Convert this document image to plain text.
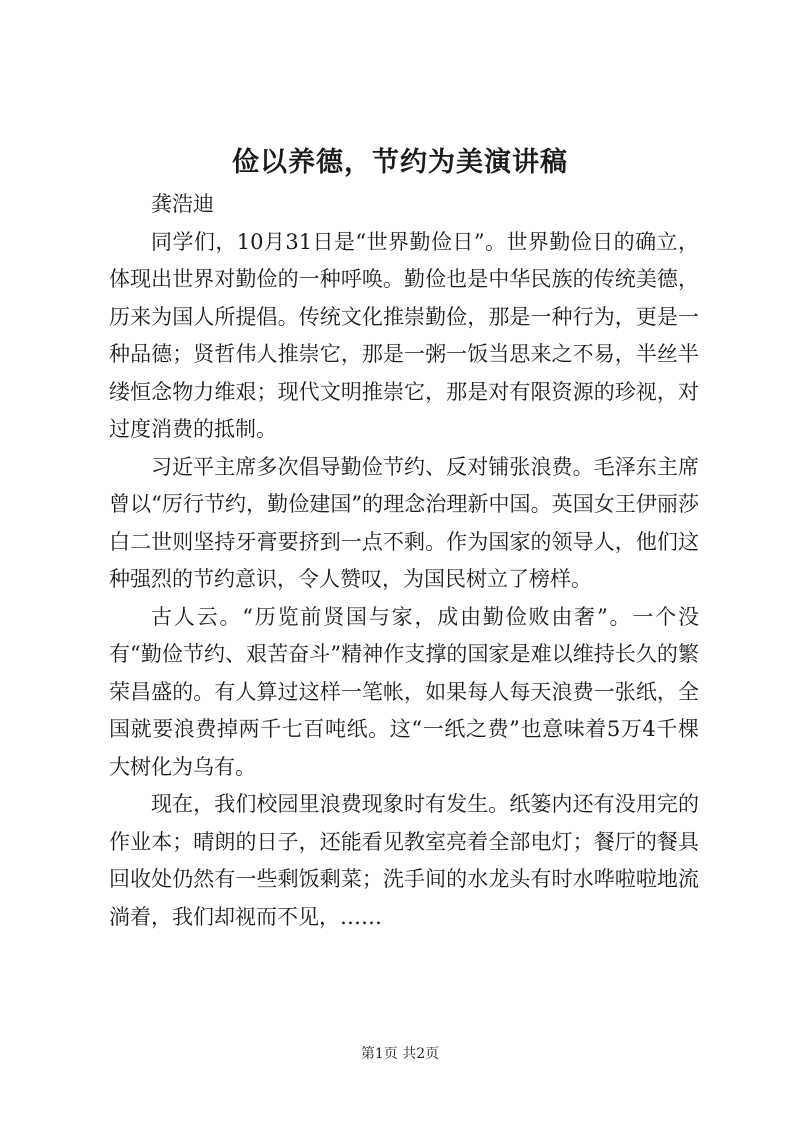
俭以养德，节约为美演讲稿

龚浩迪

同学们，10月31日是“世界勤俭日”。世界勤俭日的确立，体现出世界对勤俭的一种呼唤。勤俭也是中华民族的传统美德，历来为国人所提倡。传统文化推崇勤俭，那是一种行为，更是一种品德；贤哲伟人推崇它，那是一粥一饭当思来之不易，半丝半缕恒念物力维艰；现代文明推崇它，那是对有限资源的珍视，对过度消费的抵制。

习近平主席多次倡导勤俭节约、反对铺张浪费。毛泽东主席曾以“厉行节约，勤俭建国”的理念治理新中国。英国女王伊丽莎白二世则坚持牙膏要挤到一点不剩。作为国家的领导人，他们这种强烈的节约意识，令人赞叹，为国民树立了榜样。

古人云。“历览前贤国与家，成由勤俭败由奢”。一个没有“勤俭节约、艰苦奋斗”精神作支撑的国家是难以维持长久的繁荣昌盛的。有人算过这样一笔帐，如果每人每天浪费一张纸，全国就要浪费掉两千七百吨纸。这“一纸之费”也意味着5万4千棵大树化为乌有。

现在，我们校园里浪费现象时有发生。纸篓内还有没用完的作业本；晴朗的日子，还能看见教室亮着全部电灯；餐厅的餐具回收处仍然有一些剩饭剩菜；洗手间的水龙头有时水哗啦啦地流淌着，我们却视而不见，……

第1页 共2页
